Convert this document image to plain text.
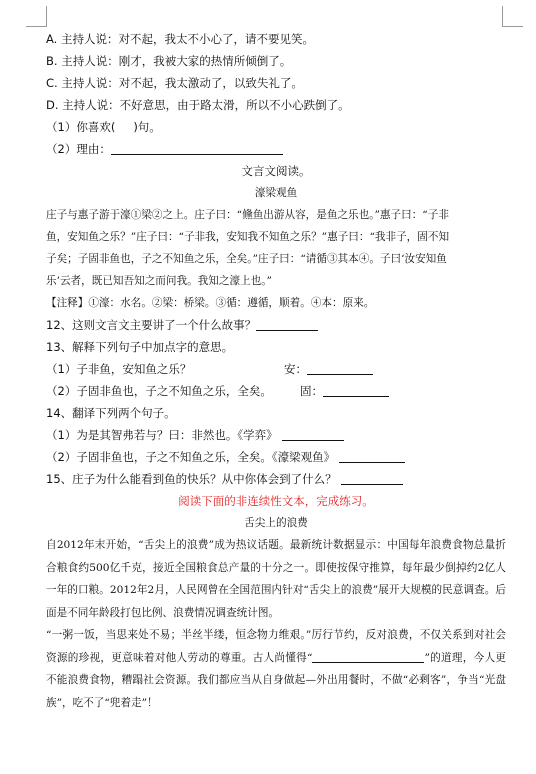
A. 主持人说：对不起，我太不小心了，请不要见笑。
B. 主持人说：刚才，我被大家的热情所倾倒了。
C. 主持人说：对不起，我太激动了，以致失礼了。
D. 主持人说：不好意思，由于路太滑，所以不小心跌倒了。
（1）你喜欢( )句。
（2）理由：
文言文阅读。
濠梁观鱼
庄子与惠子游于濠①梁②之上。庄子曰：“儵鱼出游从容，是鱼之乐也。”惠子曰：“子非
鱼，安知鱼之乐？”庄子曰：“子非我，安知我不知鱼之乐？”惠子曰：“我非子，固不知
子矣；子固非鱼也，子之不知鱼之乐，全矣。”庄子曰：“请循③其本④。子曰‘汝安知鱼
乐’云者，既已知吾知之而问我。我知之濠上也。”
【注释】①濠：水名。②梁：桥梁。③循：遵循，顺着。④本：原来。
12、这则文言文主要讲了一个什么故事？
13、解释下列句子中加点字的意思。
（1）子非鱼，安知鱼之乐？	安：
（2）子固非鱼也，子之不知鱼之乐，全矣。 固：
14、翻译下列两个句子。
（1）为是其智弗若与？曰：非然也。《学弈》
（2）子固非鱼也，子之不知鱼之乐，全矣。《濠梁观鱼》
15、庄子为什么能看到鱼的快乐？从中你体会到了什么？
阅读下面的非连续性文本，完成练习。
舌尖上的浪费

自2012年末开始，“舌尖上的浪费”成为热议话题。最新统计数据显示：中国每年浪费食物总量折合粮食约500亿千克，接近全国粮食总产量的十分之一。即使按保守推算，每年最少倒掉约2亿人一年的口粮。2012年2月，人民网曾在全国范围内针对“舌尖上的浪费”展开大规模的民意调查。后面是不同年龄段打包比例、浪费情况调查统计图。

“一粥一饭，当思来处不易；半丝半缕，恒念物力维艰。”厉行节约，反对浪费，不仅关系到对社会资源的珍视，更意味着对他人劳动的尊重。古人尚懂得“	”的道理，今人更不能浪费食物，糟蹋社会资源。我们都应当从自身做起—外出用餐时，不做“必剩客”，争当“光盘族”，吃不了“兜着走”！
